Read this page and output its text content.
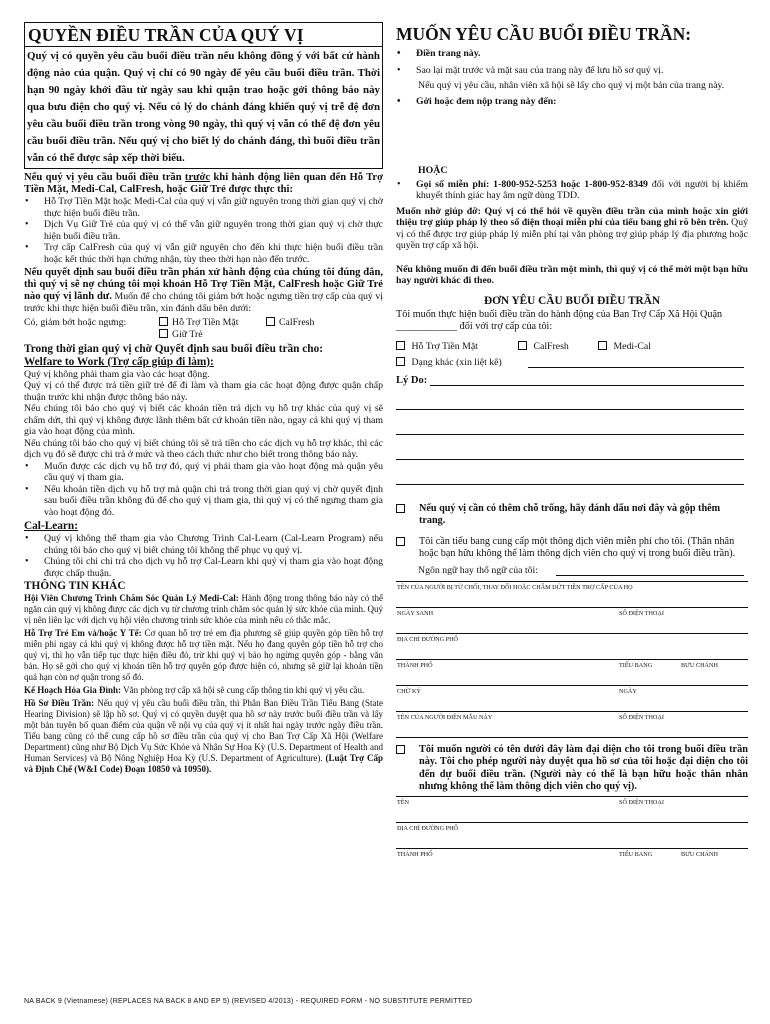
QUYỀN ĐIỀU TRẦN CỦA QUÝ VỊ

Quý vị có quyền yêu cầu buổi điều trần nếu không đồng ý với bất cứ hành động nào của quận. Quý vị chỉ có 90 ngày để yêu cầu buổi điều trần. Thời hạn 90 ngày khởi đầu từ ngày sau khi quận trao hoặc gởi thông báo này qua bưu điện cho quý vị. Nếu có lý do chánh đáng khiến quý vị trễ đệ đơn yêu cầu buổi điều trần trong vòng 90 ngày, thì quý vị vẫn có thể đệ đơn yêu cầu buổi điều trần. Nếu quý vị cho biết lý do chánh đáng, thì buổi điều trần vẫn có thể được sắp xếp thời biểu.

Nếu quý vị yêu cầu buổi điều trần trước khi hành động liên quan đến Hỗ Trợ Tiền Mặt, Medi-Cal, CalFresh, hoặc Giữ Trẻ được thực thi:

• Hỗ Trợ Tiền Mặt hoặc Medi-Cal của quý vị vẫn giữ nguyên trong thời gian quý vị chờ thực hiện buổi điều trần.
• Dịch Vụ Giữ Trẻ của quý vị có thể vẫn giữ nguyên trong thời gian quý vị chờ thực hiện buổi điều trần.
• Trợ cấp CalFresh của quý vị vẫn giữ nguyên cho đến khi thực hiện buổi điều trần hoặc kết thúc thời hạn chứng nhận, tùy theo thời hạn nào đến trước.

Nếu quyết định sau buổi điều trần phán xử hành động của chúng tôi đúng đắn, thì quý vị sẽ nợ chúng tôi mọi khoản Hỗ Trợ Tiền Mặt, CalFresh hoặc Giữ Trẻ nào quý vị lãnh dư. Muốn để cho chúng tôi giảm bớt hoặc ngưng tiền trợ cấp của quý vị trước khi thực hiện buổi điều trần, xin đánh dấu bên dưới:

Có, giảm bớt hoặc ngưng:	Hỗ Trợ Tiền Mặt	CalFresh
Giữ Trẻ

Trong thời gian quý vị chờ Quyết định sau buổi điều trần cho:

Welfare to Work (Trợ cấp giúp đi làm):

Quý vị không phải tham gia vào các hoạt động.

Quý vị có thể được trả tiền giữ trẻ để đi làm và tham gia các hoạt động được quận chấp thuận trước khi nhận được thông báo này.

Nếu chúng tôi báo cho quý vị biết các khoản tiền trả dịch vụ hỗ trợ khác của quý vị sẽ chấm dứt, thì quý vị không được lãnh thêm bất cứ khoản tiền nào, ngay cả khi quý vị tham gia vào hoạt động của mình.

Nếu chúng tôi báo cho quý vị biết chúng tôi sẽ trả tiền cho các dịch vụ hỗ trợ khác, thì các dịch vụ đó sẽ được chi trả ở mức và theo cách thức như cho biết trong thông báo này.

• Muốn được các dịch vụ hỗ trợ đó, quý vị phải tham gia vào hoạt động mà quận yêu cầu quý vị tham gia.
• Nếu khoản tiền dịch vụ hỗ trợ mà quận chi trả trong thời gian quý vị chờ quyết định sau buổi điều trần không đủ để cho quý vị tham gia, thì quý vị có thể ngưng tham gia vào hoạt động đó.

Cal-Learn:

• Quý vị không thể tham gia vào Chương Trình Cal-Learn (Cal-Learn Program) nếu chúng tôi báo cho quý vị biết chúng tôi không thể phục vụ quý vị.
• Chúng tôi chỉ chi trả cho dịch vụ hỗ trợ Cal-Learn khi quý vị tham gia vào hoạt động được chấp thuận.

THÔNG TIN KHÁC

Hội Viên Chương Trình Chăm Sóc Quản Lý Medi-Cal: Hành động trong thông báo này có thể ngăn cản quý vị không được các dịch vụ từ chương trình chăm sóc quản lý sức khỏe của mình. Quý vị nên liên lạc với dịch vụ hội viên chương trình sức khỏe của mình nếu có thắc mắc.

Hỗ Trợ Trẻ Em và/hoặc Y Tế: Cơ quan hỗ trợ trẻ em địa phương sẽ giúp quyền góp tiền hỗ trợ miễn phí ngay cả khi quý vị không được hỗ trợ tiền mặt. Nếu họ đang quyên góp tiền hỗ trợ cho quý vị, thì họ vẫn tiếp tục thực hiện điều đó, trừ khi quý vị bảo họ ngừng quyên góp - bằng văn bản. Họ sẽ gởi cho quý vị khoản tiền hỗ trợ quyên góp được hiện có, nhưng sẽ giữ lại khoản tiền quá hạn còn nợ quận trong số đó.

Kế Hoạch Hóa Gia Đình: Văn phòng trợ cấp xã hội sẽ cung cấp thông tin khi quý vị yêu cầu.

Hồ Sơ Điều Trần: Nếu quý vị yêu cầu buổi điều trần, thì Phân Ban Điều Trần Tiểu Bang (State Hearing Division) sẽ lập hồ sơ. Quý vị có quyền duyệt qua hồ sơ này trước buổi điều trần và lấy một bản tuyên bố quan điểm của quận về nội vụ của quý vị ít nhất hai ngày trước ngày điều trần. Tiểu bang cũng có thể cung cấp hồ sơ điều trần của quý vị cho Ban Trợ Cấp Xã Hội (Welfare Department) cũng như Bộ Dịch Vụ Sức Khỏe và Nhân Sự Hoa Kỳ (U.S. Department of Health and Human Services) và Bộ Nông Nghiệp Hoa Kỳ (U.S. Department of Agriculture). (Luật Trợ Cấp và Định Chế (W&I Code) Đoạn 10850 và 10950).

MUỐN YÊU CẦU BUỔI ĐIỀU TRẦN:
• Điền trang này.
• Sao lại mặt trước và mặt sau của trang này để lưu hồ sơ quý vị.

Nếu quý vị yêu cầu, nhân viên xã hội sẽ lấy cho quý vị một bản của trang này.

• Gởi hoặc đem nộp trang này đến:

HOẶC

• Gọi số miễn phí: 1-800-952-5253 hoặc 1-800-952-8349 đối với người bị khiếm khuyết thính giác hay âm ngữ dùng TDD.

Muốn nhờ giúp đỡ: Quý vị có thể hỏi về quyền điều trần của mình hoặc xin giới thiệu trợ giúp pháp lý theo số điện thoại miễn phí của tiểu bang ghi rõ bên trên. Quý vị có thể được trợ giúp pháp lý miễn phí tại văn phòng trợ giúp pháp lý địa phương hoặc quyền trợ cấp xã hội.

Nếu không muốn đi đến buổi điều trần một mình, thì quý vị có thể mời một bạn hữu hay người khác đi theo.

ĐƠN YÊU CẦU BUỔI ĐIỀU TRẦN

Tôi muốn thực hiện buổi điều trần do hành động của Ban Trợ Cấp Xã Hội Quận ____________ đối với trợ cấp của tôi:

Hỗ Trợ Tiền Mặt	CalFresh	Medi-Cal
Dạng khác (xin liệt kê)
Lý Do:

Nếu quý vị cần có thêm chỗ trống, hãy đánh dấu nơi đây và gộp thêm trang.

Tôi cần tiểu bang cung cấp một thông dịch viên miễn phí cho tôi. (Thân nhân hoặc bạn hữu không thể làm thông dịch viên cho quý vị trong buổi điều trần).

Ngôn ngữ hay thổ ngữ của tôi:
TÊN CỦA NGƯỜI BỊ TỪ CHỐI, THAY ĐỔI HOẶC CHẤM DỨT TIỀN TRỢ CẤP CỦA HỌ
NGÀY SANH	SỐ ĐIỆN THOẠI
ĐỊA CHỈ ĐƯỜNG PHỐ
THÀNH PHỐ	TIỂU BANG	BƯU CHÁNH
CHỮ KÝ	NGÀY
TÊN CỦA NGƯỜI ĐIỀN MẪU NÀY	SỐ ĐIỆN THOẠI

Tôi muốn người có tên dưới đây làm đại diện cho tôi trong buổi điều trần này. Tôi cho phép người này duyệt qua hồ sơ của tôi hoặc đại diện cho tôi đến dự buổi điều trần. (Người này có thể là bạn hữu hoặc thân nhân nhưng không thể làm thông dịch viên cho quý vị).

TÊN	SỐ ĐIỆN THOẠI
ĐỊA CHỈ ĐƯỜNG PHỐ
THÀNH PHỐ	TIỂU BANG	BƯU CHÁNH
NA BACK 9 (Vietnamese) (REPLACES NA BACK 8 AND EP 5) (REVISED 4/2013) - REQUIRED FORM - NO SUBSTITUTE PERMITTED
